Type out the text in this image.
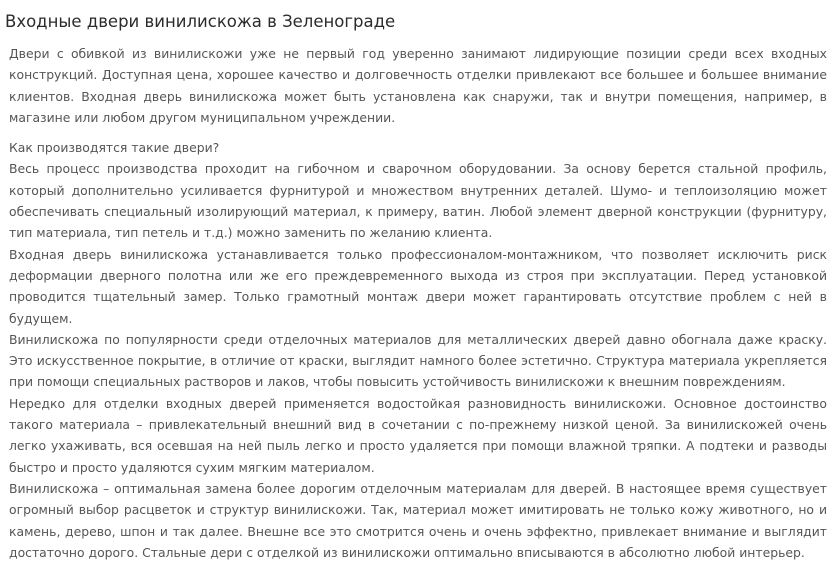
Входные двери винилискожа в Зеленограде

Двери с обивкой из винилискожи уже не первый год уверенно занимают лидирующие позиции среди всех входных конструкций. Доступная цена, хорошее качество и долговечность отделки привлекают все большее и большее внимание клиентов. Входная дверь винилискожа может быть установлена как снаружи, так и внутри помещения, например, в магазине или любом другом муниципальном учреждении.

Как производятся такие двери?

Весь процесс производства проходит на гибочном и сварочном оборудовании. За основу берется стальной профиль, который дополнительно усиливается фурнитурой и множеством внутренних деталей. Шумо- и теплоизоляцию может обеспечивать специальный изолирующий материал, к примеру, ватин. Любой элемент дверной конструкции (фурнитуру, тип материала, тип петель и т.д.) можно заменить по желанию клиента.

Входная дверь винилискожа устанавливается только профессионалом-монтажником, что позволяет исключить риск деформации дверного полотна или же его преждевременного выхода из строя при эксплуатации. Перед установкой проводится тщательный замер. Только грамотный монтаж двери может гарантировать отсутствие проблем с ней в будущем.

Винилискожа по популярности среди отделочных материалов для металлических дверей давно обогнала даже краску. Это искусственное покрытие, в отличие от краски, выглядит намного более эстетично. Структура материала укрепляется при помощи специальных растворов и лаков, чтобы повысить устойчивость винилискожи к внешним повреждениям.

Нередко для отделки входных дверей применяется водостойкая разновидность винилискожи. Основное достоинство такого материала – привлекательный внешний вид в сочетании с по-прежнему низкой ценой. За винилискожей очень легко ухаживать, вся осевшая на ней пыль легко и просто удаляется при помощи влажной тряпки. А подтеки и разводы быстро и просто удаляются сухим мягким материалом.

Винилискожа – оптимальная замена более дорогим отделочным материалам для дверей. В настоящее время существует огромный выбор расцветок и структур винилискожи. Так, материал может имитировать не только кожу животного, но и камень, дерево, шпон и так далее. Внешне все это смотрится очень и очень эффектно, привлекает внимание и выглядит достаточно дорого. Стальные дери с отделкой из винилискожи оптимально вписываются в абсолютно любой интерьер.
